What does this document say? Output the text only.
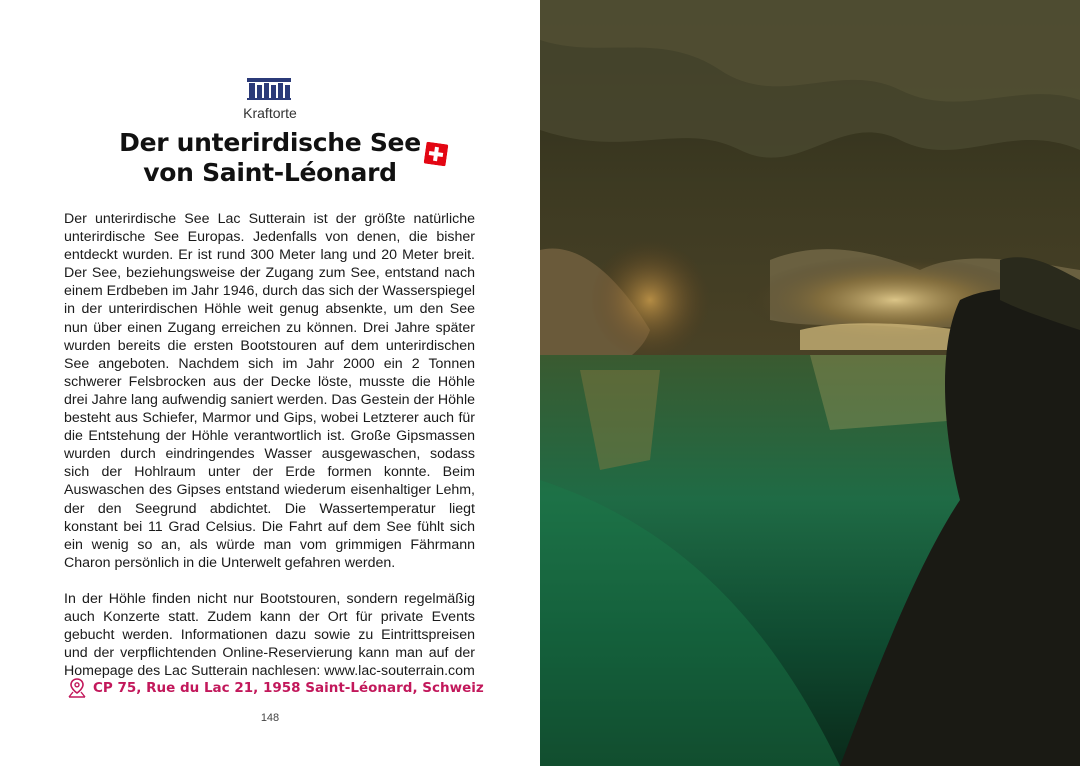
Kraftorte
Der unterirdische See
von Saint-Léonard

Der unterirdische See Lac Sutterain ist der größte natürliche unterirdische See Europas. Jedenfalls von denen, die bisher entdeckt wurden. Er ist rund 300 Meter lang und 20 Meter breit. Der See, beziehungsweise der Zugang zum See, entstand nach einem Erdbeben im Jahr 1946, durch das sich der Wasserspiegel in der unterirdischen Höhle weit genug absenkte, um den See nun über einen Zugang erreichen zu können. Drei Jahre später wurden bereits die ersten Bootstouren auf dem unterirdischen See angeboten. Nachdem sich im Jahr 2000 ein 2 Tonnen schwerer Felsbrocken aus der Decke löste, musste die Höhle drei Jahre lang aufwendig saniert werden. Das Gestein der Höhle besteht aus Schiefer, Marmor und Gips, wobei Letzterer auch für die Entstehung der Höhle verantwortlich ist. Große Gipsmassen wurden durch eindringendes Wasser ausgewaschen, sodass sich der Hohlraum unter der Erde formen konnte. Beim Auswaschen des Gipses entstand wiederum eisenhaltiger Lehm, der den Seegrund abdichtet. Die Wassertemperatur liegt konstant bei 11 Grad Celsius. Die Fahrt auf dem See fühlt sich ein wenig so an, als würde man vom grimmigen Fährmann Charon persönlich in die Unterwelt gefahren werden.

In der Höhle finden nicht nur Bootstouren, sondern regelmäßig auch Konzerte statt. Zudem kann der Ort für private Events gebucht werden. Informationen dazu sowie zu Eintrittspreisen und der verpflichtenden Online-Reservierung kann man auf der Homepage des Lac Sutterain nachlesen: www.lac-souterrain.com

CP 75, Rue du Lac 21, 1958 Saint-Léonard, Schweiz
148
